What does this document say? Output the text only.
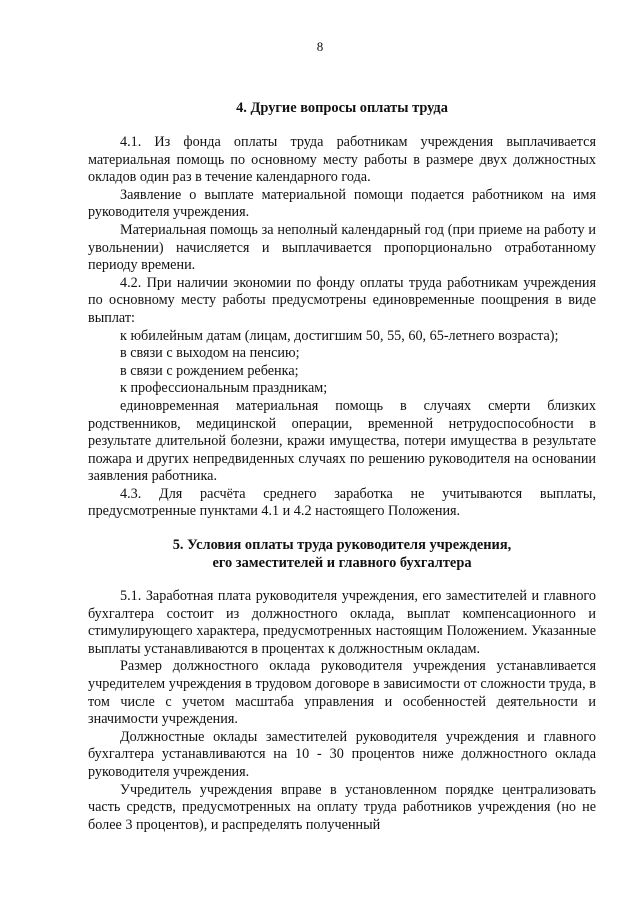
8
4. Другие вопросы оплаты труда

4.1. Из фонда оплаты труда работникам учреждения выплачивается материальная помощь по основному месту работы в размере двух должностных окладов один раз в течение календарного года.

Заявление о выплате материальной помощи подается работником на имя руководителя учреждения.

Материальная помощь за неполный календарный год (при приеме на работу и увольнении) начисляется и выплачивается пропорционально отработанному периоду времени.

4.2. При наличии экономии по фонду оплаты труда работникам учреждения по основному месту работы предусмотрены единовременные поощрения в виде выплат:

к юбилейным датам (лицам, достигшим 50, 55, 60, 65-летнего возраста);

в связи с выходом на пенсию;

в связи с рождением ребенка;

к профессиональным праздникам;

единовременная материальная помощь в случаях смерти близких родственников, медицинской операции, временной нетрудоспособности в результате длительной болезни, кражи имущества, потери имущества в результате пожара и других непредвиденных случаях по решению руководителя на основании заявления работника.

4.3. Для расчёта среднего заработка не учитываются выплаты, предусмотренные пунктами 4.1 и 4.2 настоящего Положения.

5. Условия оплаты труда руководителя учреждения,
его заместителей и главного бухгалтера

5.1. Заработная плата руководителя учреждения, его заместителей и главного бухгалтера состоит из должностного оклада, выплат компенсационного и стимулирующего характера, предусмотренных настоящим Положением. Указанные выплаты устанавливаются в процентах к должностным окладам.

Размер должностного оклада руководителя учреждения устанавливается учредителем учреждения в трудовом договоре в зависимости от сложности труда, в том числе с учетом масштаба управления и особенностей деятельности и значимости учреждения.

Должностные оклады заместителей руководителя учреждения и главного бухгалтера устанавливаются на 10 - 30 процентов ниже должностного оклада руководителя учреждения.

Учредитель учреждения вправе в установленном порядке централизовать часть средств, предусмотренных на оплату труда работников учреждения (но не более 3 процентов), и распределять полученный
